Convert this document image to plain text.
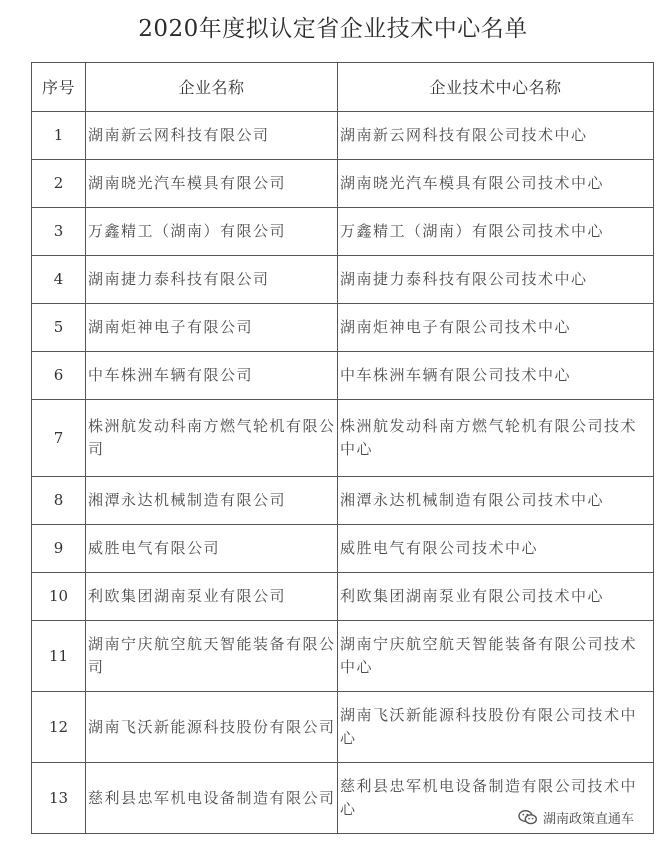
2020年度拟认定省企业技术中心名单
序号	企业名称	企业技术中心名称
1	湖南新云网科技有限公司	湖南新云网科技有限公司技术中心
2	湖南晓光汽车模具有限公司	湖南晓光汽车模具有限公司技术中心
3	万鑫精工（湖南）有限公司	万鑫精工（湖南）有限公司技术中心
4	湖南捷力泰科技有限公司	湖南捷力泰科技有限公司技术中心
5	湖南炬神电子有限公司	湖南炬神电子有限公司技术中心
6	中车株洲车辆有限公司	中车株洲车辆有限公司技术中心
7	株洲航发动科南方燃气轮机有限公司	株洲航发动科南方燃气轮机有限公司技术中心
8	湘潭永达机械制造有限公司	湘潭永达机械制造有限公司技术中心
9	威胜电气有限公司	威胜电气有限公司技术中心
10	利欧集团湖南泵业有限公司	利欧集团湖南泵业有限公司技术中心
11	湖南宁庆航空航天智能装备有限公司	湖南宁庆航空航天智能装备有限公司技术中心
12	湖南飞沃新能源科技股份有限公司	湖南飞沃新能源科技股份有限公司技术中心
13	慈利县忠军机电设备制造有限公司	慈利县忠军机电设备制造有限公司技术中心
湖南政策直通车
